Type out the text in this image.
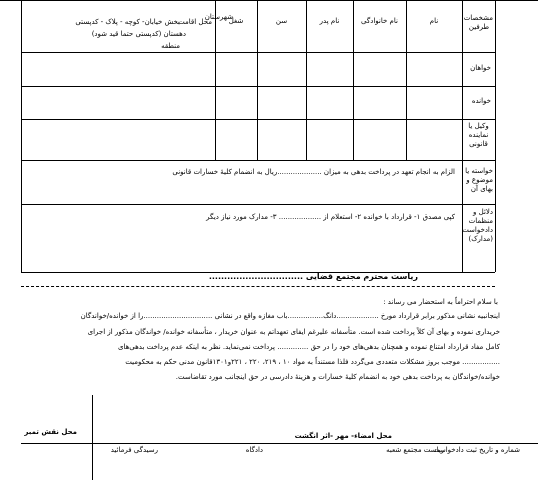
مشخصات طرفین
نام
نام خانوادگی
نام پدر
سن
شغل
شهرستان
محل اقامت
بخش خیابان- کوچه - پلاک - کدپستی
دهستان (کدپستی حتما قید شود)
منطقه
خواهان
خوانده
وکیل یا نماینده قانونی
خواسته یا موضوع و بهای آن
الزام به انجام تعهد در پرداخت بدهی به میزان ....................ریال به انضمام کلیهٔ خسارات قانونی
دلائل و منظمات دادخواست (مدارک)
کپی مصدق ۱- قرارداد با خوانده ۲- استعلام از ................... ۳- مدارک مورد نیاز دیگر
ریاست محترم مجتمع قضایی ...............................
با سلام احتراماً به استحضار می رساند :
اینجانبیه نشانی مذکور برابر قرارداد مورخ ...................دانگ................باب مغازه واقع در نشانی ...............................را از خوانده/خواندگان
خریداری نموده و بهای آن کلاً پرداخت شده است. متأسفانه علیرغم ایفای تعهداتم به عنوان خریدار ، متأسفانه خوانده/ خواندگان مذکور از اجرای
کامل مفاد قرارداد امتناع نموده و همچنان بدهی‌های خود را در حق .............. پرداخت نمی‌نماید. نظر به اینکه عدم پرداخت بدهی‌های
................. موجب بروز مشکلات متعددی می‌گردد فلذا مستنداً به مواد ۱۰ ، ۲۱۹، ۲۲۰ ، ۲۲۱و۱۳۰۱قانون مدنی حکم به محکومیت
خوانده/خواندگان به پرداخت بدهی خود به انضمام کلیهٔ خسارات و هزینهٔ دادرسی در حق اینجانب مورد تقاضاست.
محل نقش تمبر	محل امضاء- مهر -اثر انگشت
شماره و تاریخ ثبت دادخواست
ریاست مجتمع شعبه
دادگاه
رسیدگی فرمائید
